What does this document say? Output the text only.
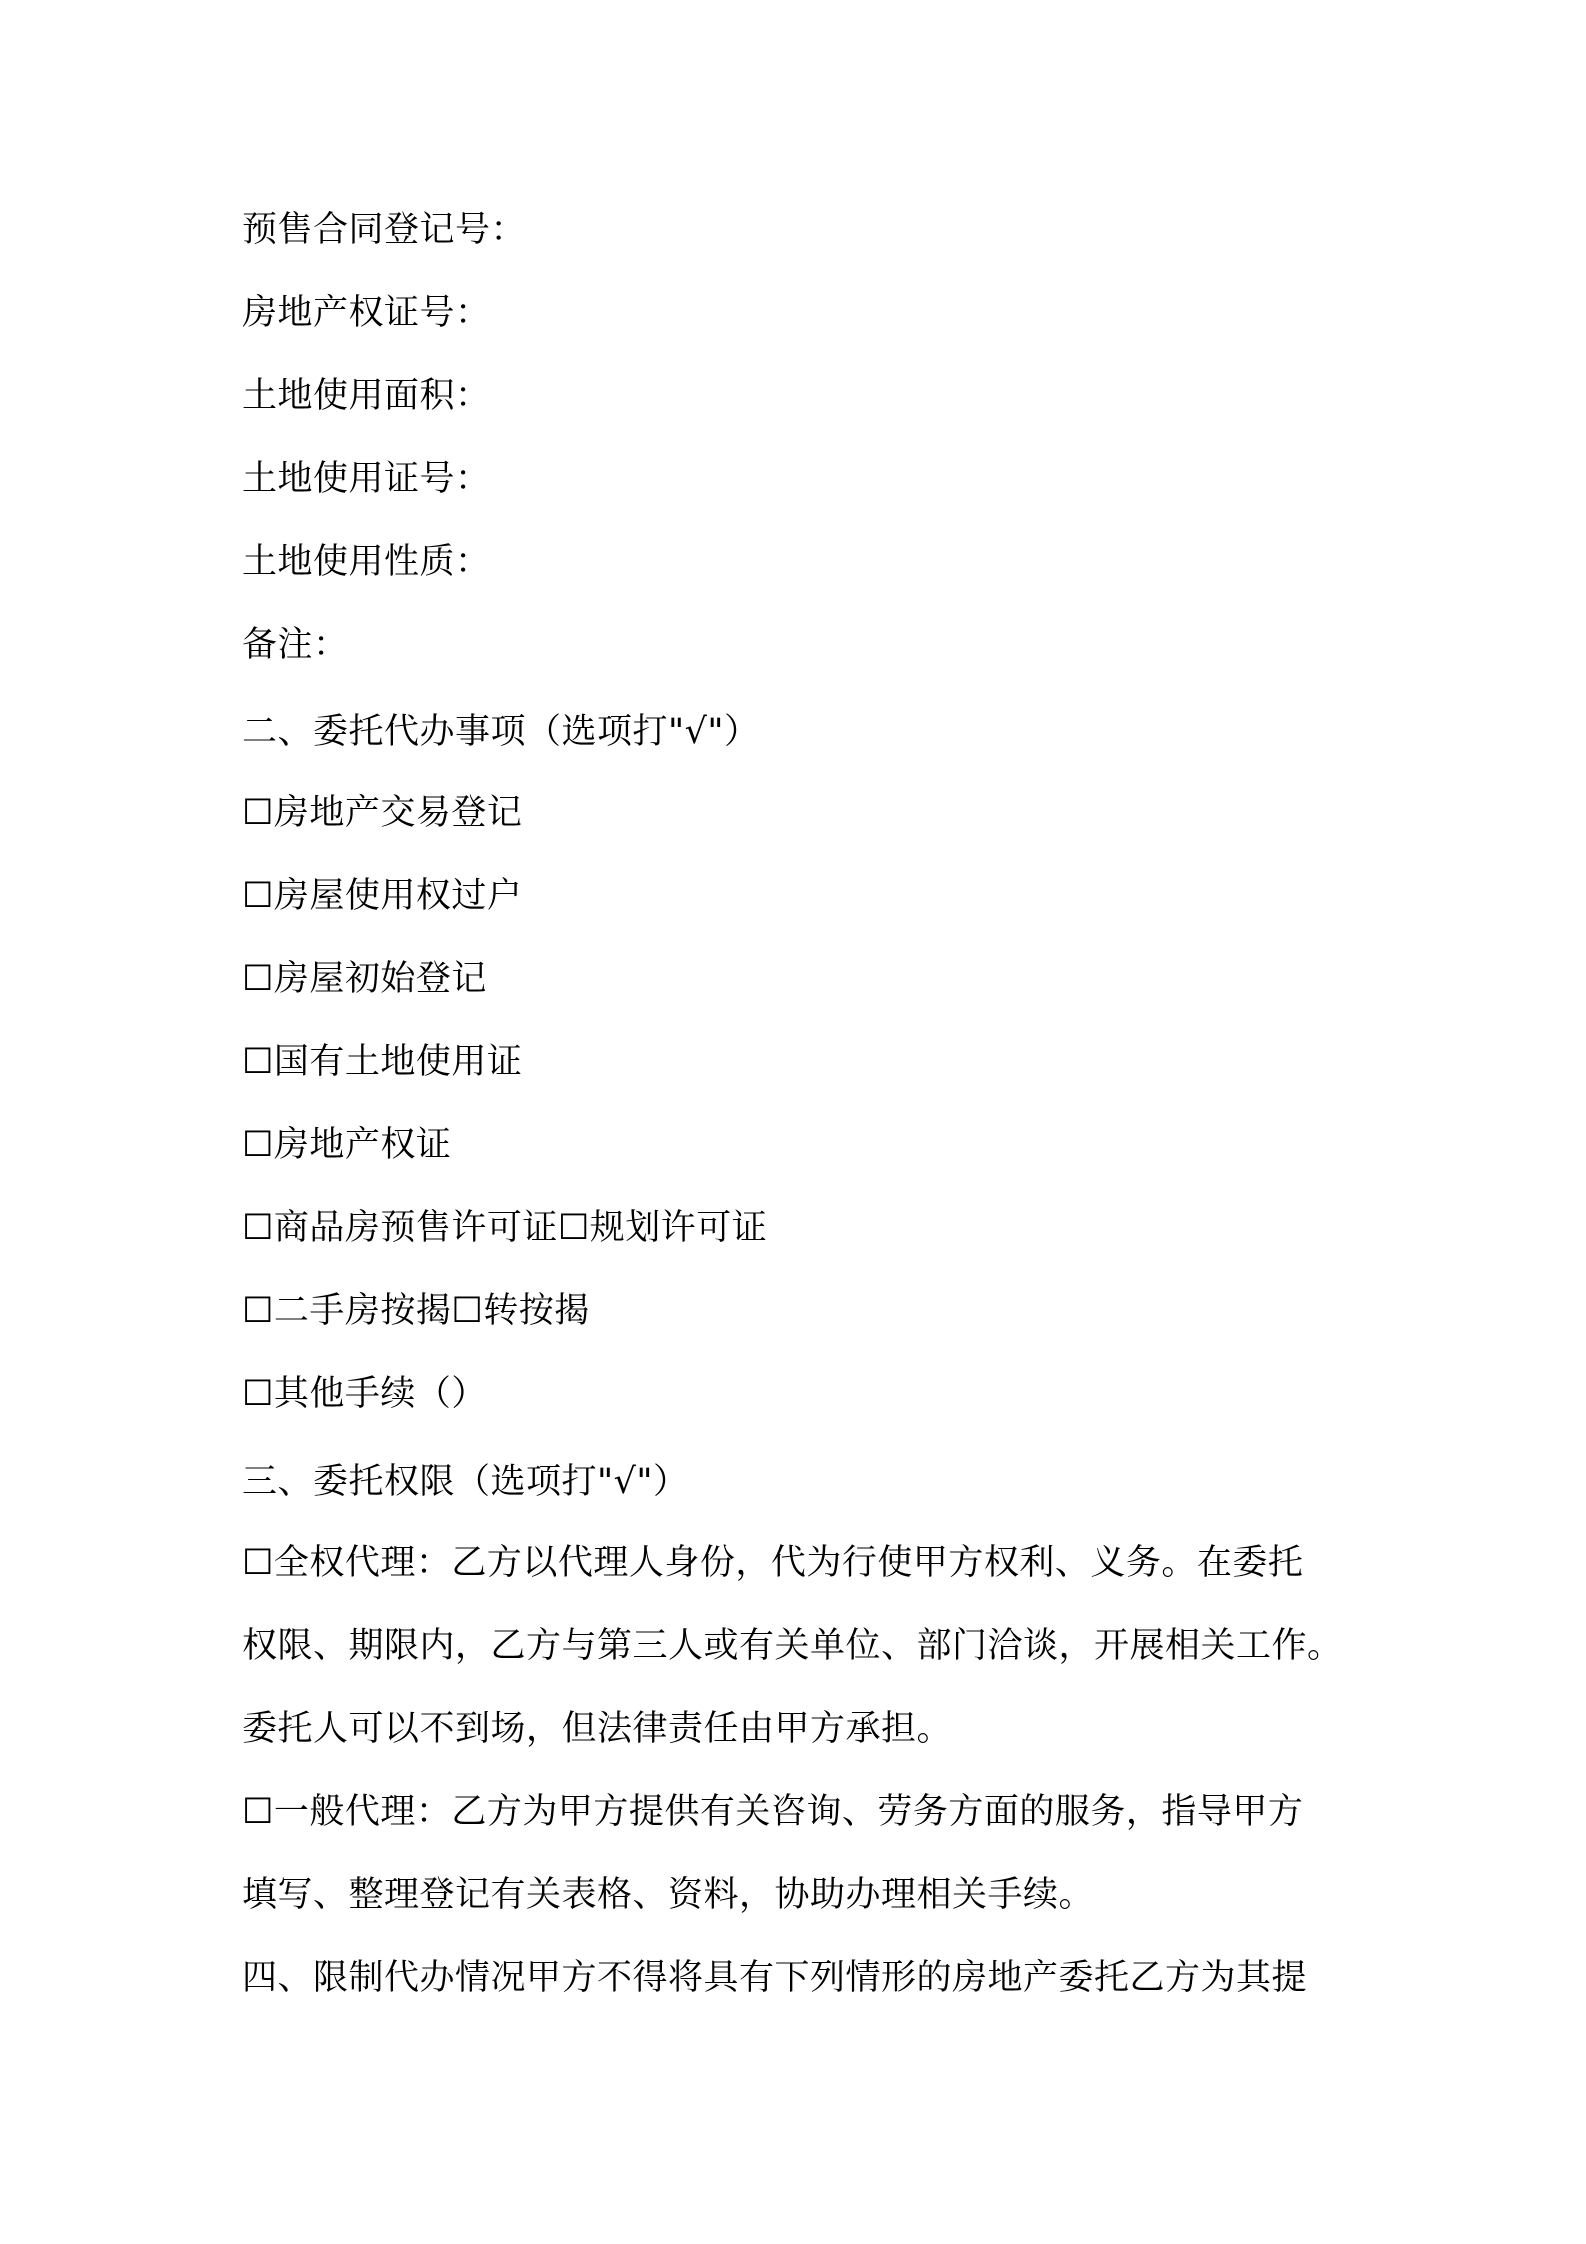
预售合同登记号：
房地产权证号：
土地使用面积：
土地使用证号：
土地使用性质：
备注：
二、委托代办事项（选项打"√"）
☐房地产交易登记
☐房屋使用权过户
☐房屋初始登记
☐国有土地使用证
☐房地产权证
☐商品房预售许可证☐规划许可证
☐二手房按揭☐转按揭
☐其他手续（）
三、委托权限（选项打"√"）
☐全权代理：乙方以代理人身份，代为行使甲方权利、义务。在委托
权限、期限内，乙方与第三人或有关单位、部门洽谈，开展相关工作。
委托人可以不到场，但法律责任由甲方承担。
☐一般代理：乙方为甲方提供有关咨询、劳务方面的服务，指导甲方
填写、整理登记有关表格、资料，协助办理相关手续。
四、限制代办情况甲方不得将具有下列情形的房地产委托乙方为其提
